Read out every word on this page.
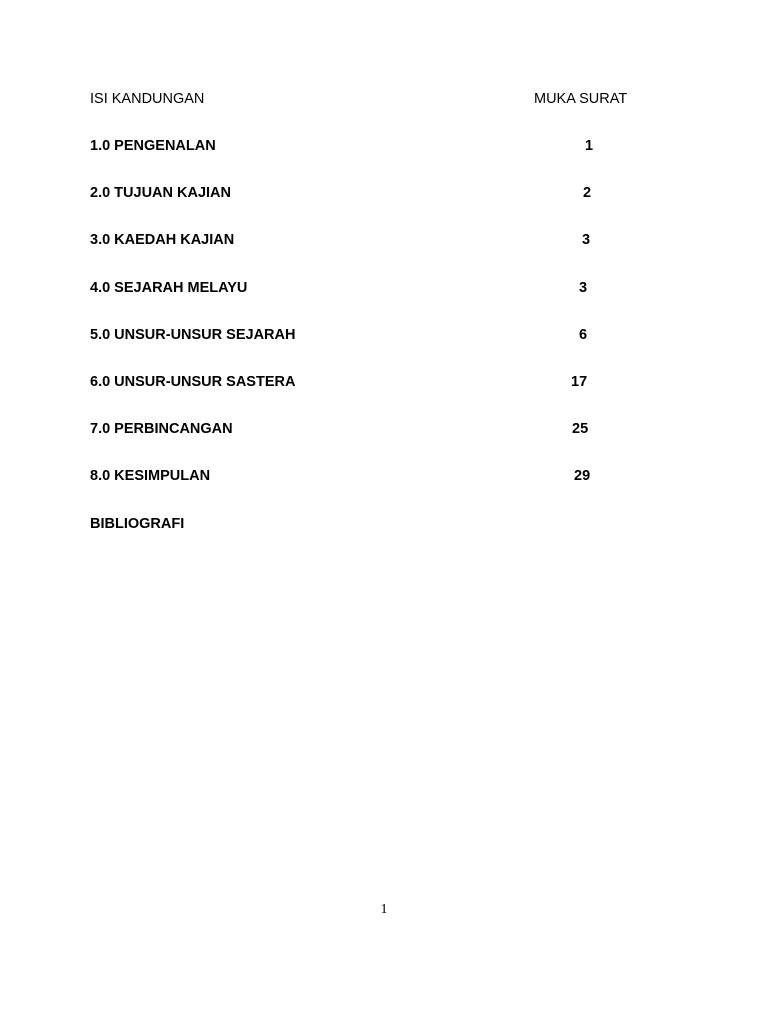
ISI KANDUNGAN	MUKA SURAT
1.0 PENGENALAN	1
2.0 TUJUAN KAJIAN	2
3.0 KAEDAH KAJIAN	3
4.0 SEJARAH MELAYU	3
5.0 UNSUR-UNSUR SEJARAH	6
6.0 UNSUR-UNSUR SASTERA	17
7.0 PERBINCANGAN	25
8.0 KESIMPULAN	29
BIBLIOGRAFI
1
